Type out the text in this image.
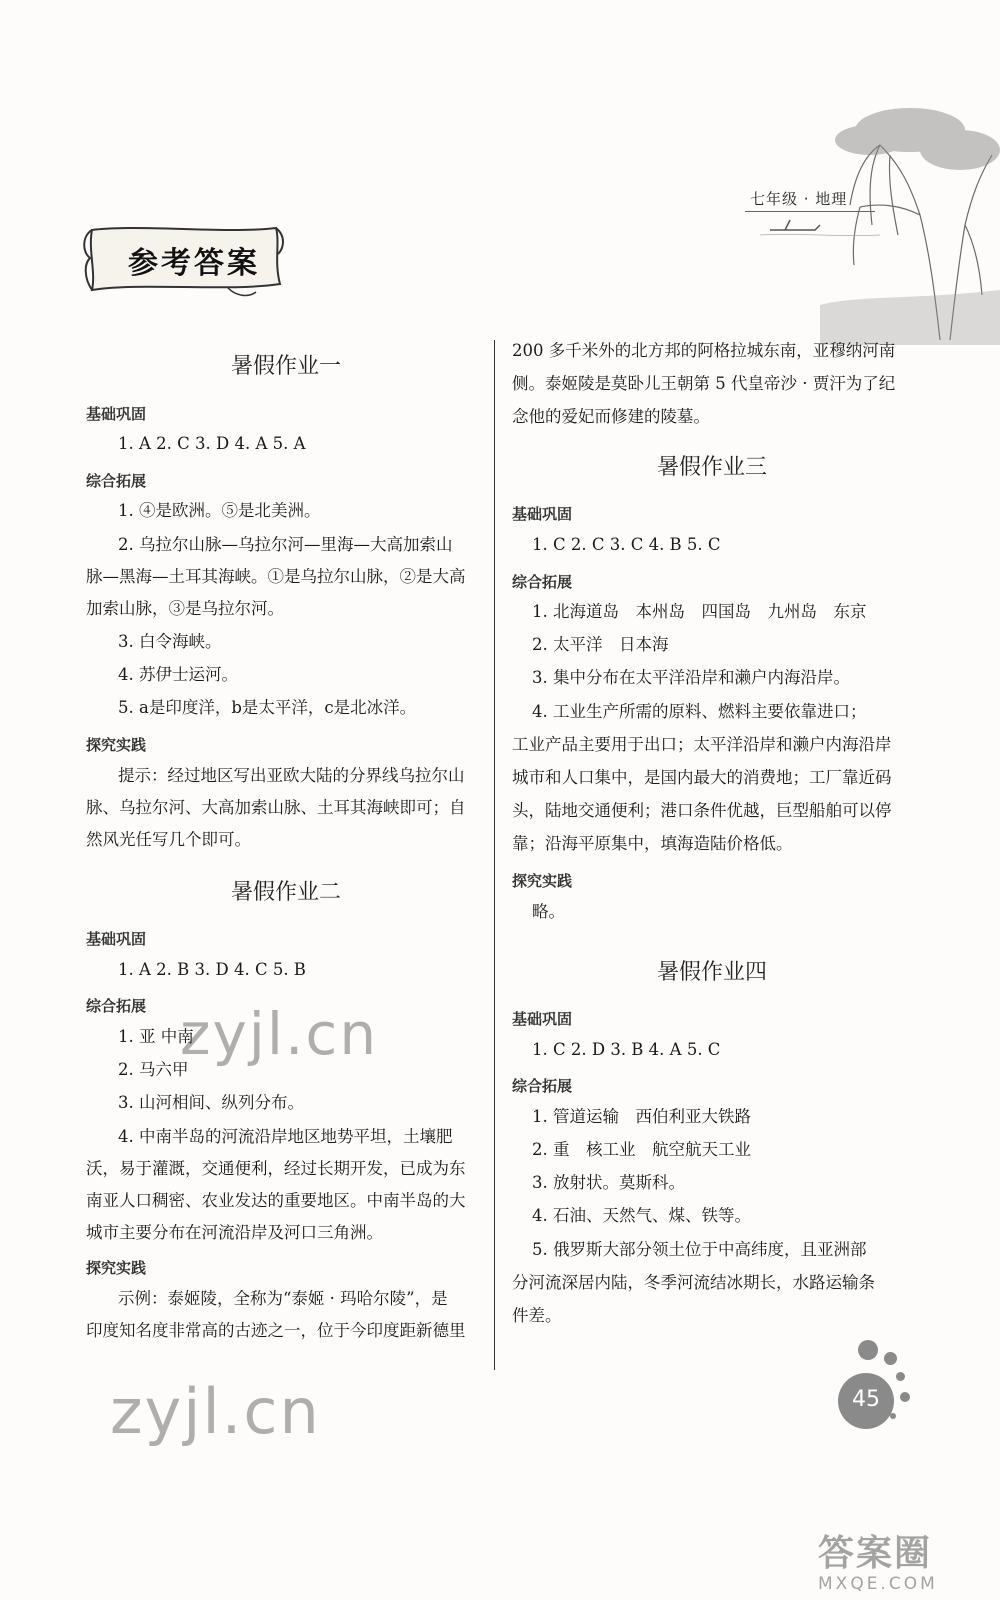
七年级 · 地理
参考答案
暑假作业一
基础巩固
1. A 2. C 3. D 4. A 5. A
综合拓展
1. ④是欧洲。⑤是北美洲。
2. 乌拉尔山脉—乌拉尔河—里海—大高加索山
脉—黑海—土耳其海峡。①是乌拉尔山脉，②是大高
加索山脉，③是乌拉尔河。
3. 白令海峡。
4. 苏伊士运河。
5. a是印度洋，b是太平洋，c是北冰洋。
探究实践
提示：经过地区写出亚欧大陆的分界线乌拉尔山
脉、乌拉尔河、大高加索山脉、土耳其海峡即可；自
然风光任写几个即可。
暑假作业二
基础巩固
1. A 2. B 3. D 4. C 5. B
综合拓展
1. 亚 中南
2. 马六甲
3. 山河相间、纵列分布。
4. 中南半岛的河流沿岸地区地势平坦，土壤肥
沃，易于灌溉，交通便利，经过长期开发，已成为东
南亚人口稠密、农业发达的重要地区。中南半岛的大
城市主要分布在河流沿岸及河口三角洲。
探究实践
示例：泰姬陵，全称为“泰姬 · 玛哈尔陵”，是
印度知名度非常高的古迹之一，位于今印度距新德里
200 多千米外的北方邦的阿格拉城东南，亚穆纳河南
侧。泰姬陵是莫卧儿王朝第 5 代皇帝沙 · 贾汗为了纪
念他的爱妃而修建的陵墓。
暑假作业三
基础巩固
1. C 2. C 3. C 4. B 5. C
综合拓展
1. 北海道岛　本州岛　四国岛　九州岛　东京
2. 太平洋　日本海
3. 集中分布在太平洋沿岸和濑户内海沿岸。
4. 工业生产所需的原料、燃料主要依靠进口；
工业产品主要用于出口；太平洋沿岸和濑户内海沿岸
城市和人口集中，是国内最大的消费地；工厂靠近码
头，陆地交通便利；港口条件优越，巨型船舶可以停
靠；沿海平原集中，填海造陆价格低。
探究实践
略。
暑假作业四
基础巩固
1. C 2. D 3. B 4. A 5. C
综合拓展
1. 管道运输　西伯利亚大铁路
2. 重　核工业　航空航天工业
3. 放射状。莫斯科。
4. 石油、天然气、煤、铁等。
5. 俄罗斯大部分领土位于中高纬度，且亚洲部
分河流深居内陆，冬季河流结冰期长，水路运输条
件差。
zyjl.cn
zyjl.cn	45
答案圈
MXQE.COM
